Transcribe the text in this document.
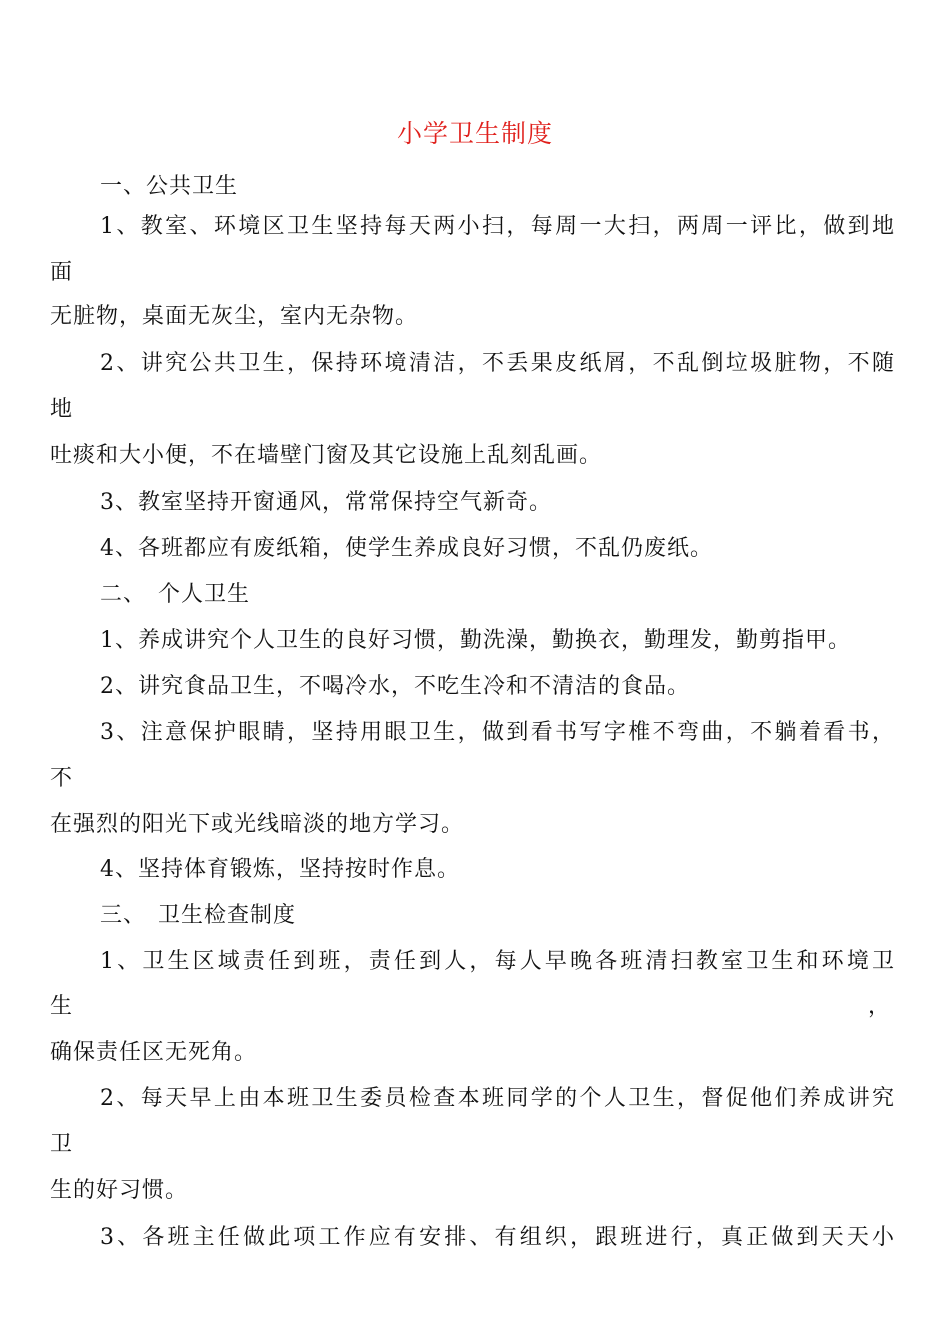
小学卫生制度
一、公共卫生
1、教室、环境区卫生坚持每天两小扫，每周一大扫，两周一评比，做到地
面
无脏物，桌面无灰尘，室内无杂物。
2、讲究公共卫生，保持环境清洁，不丢果皮纸屑，不乱倒垃圾脏物，不随
地
吐痰和大小便，不在墙壁门窗及其它设施上乱刻乱画。
3、教室坚持开窗通风，常常保持空气新奇。
4、各班都应有废纸箱，使学生养成良好习惯，不乱仍废纸。
二、　个人卫生
1、养成讲究个人卫生的良好习惯，勤洗澡，勤换衣，勤理发，勤剪指甲。
2、讲究食品卫生，不喝冷水，不吃生冷和不清洁的食品。
3、注意保护眼睛，坚持用眼卫生，做到看书写字椎不弯曲，不躺着看书，
不
在强烈的阳光下或光线暗淡的地方学习。
4、坚持体育锻炼，坚持按时作息。
三、　卫生检查制度
1、卫生区域责任到班，责任到人，每人早晚各班清扫教室卫生和环境卫
生	，
确保责任区无死角。
2、每天早上由本班卫生委员检查本班同学的个人卫生，督促他们养成讲究
卫
生的好习惯。
3、各班主任做此项工作应有安排、有组织，跟班进行，真正做到天天小
